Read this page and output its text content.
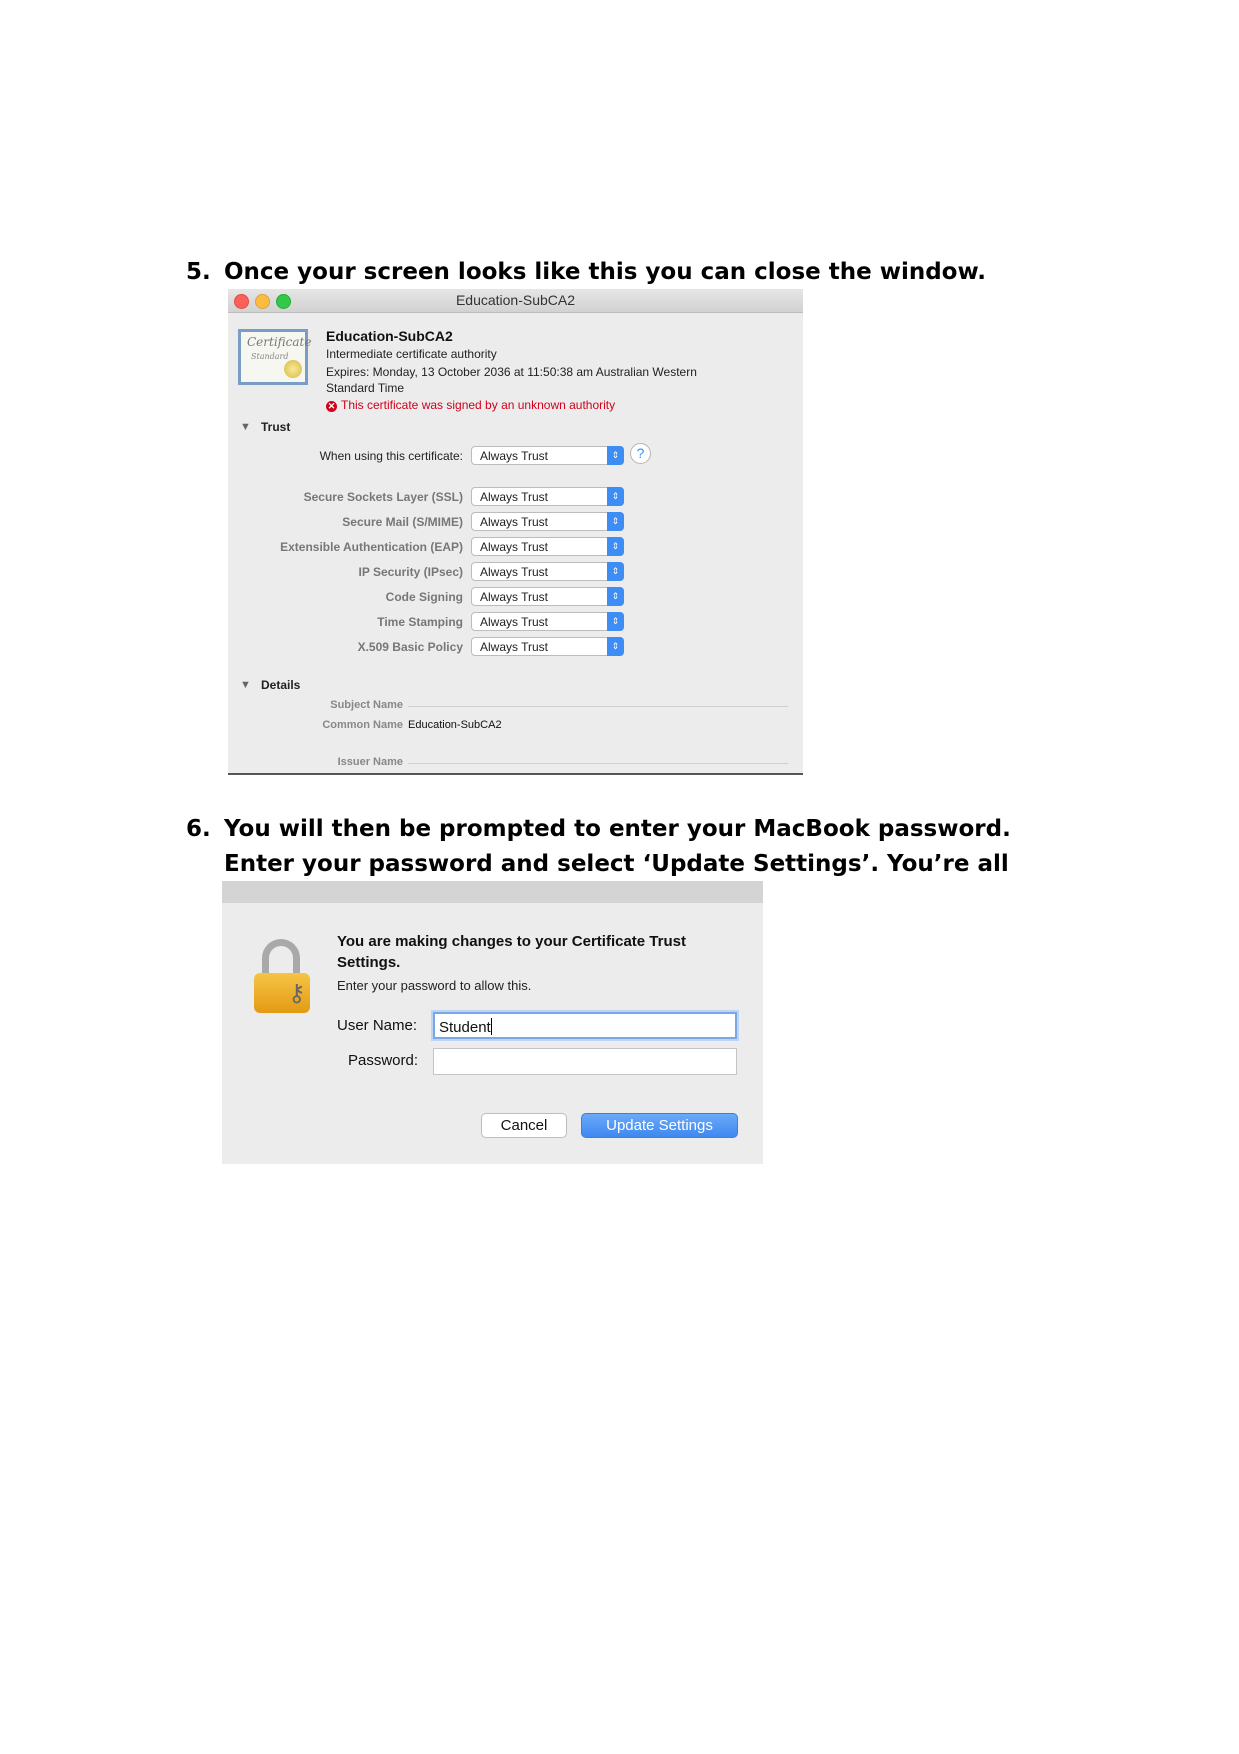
5. Once your screen looks like this you can close the window.
Education-SubCA2
Certificate
Standard
Education-SubCA2
Intermediate certificate authority
Expires: Monday, 13 October 2036 at 11:50:38 am Australian Western
Standard Time
✕ This certificate was signed by an unknown authority
▼ Trust
When using this certificate: Always Trust	⇕	?
Secure Sockets Layer (SSL) Always Trust	⇕
Secure Mail (S/MIME) Always Trust	⇕
Extensible Authentication (EAP) Always Trust	⇕
IP Security (IPsec) Always Trust	⇕
Code Signing Always Trust	⇕
Time Stamping Always Trust	⇕
X.509 Basic Policy Always Trust	⇕
▼ Details
Subject Name
Common Name Education-SubCA2
Issuer Name
6. You will then be prompted to enter your MacBook password. Enter your password and select ‘Update Settings’. You’re all
⚷
You are making changes to your Certificate Trust Settings.
Enter your password to allow this.
User Name: Student
Password:
Cancel	Update Settings
